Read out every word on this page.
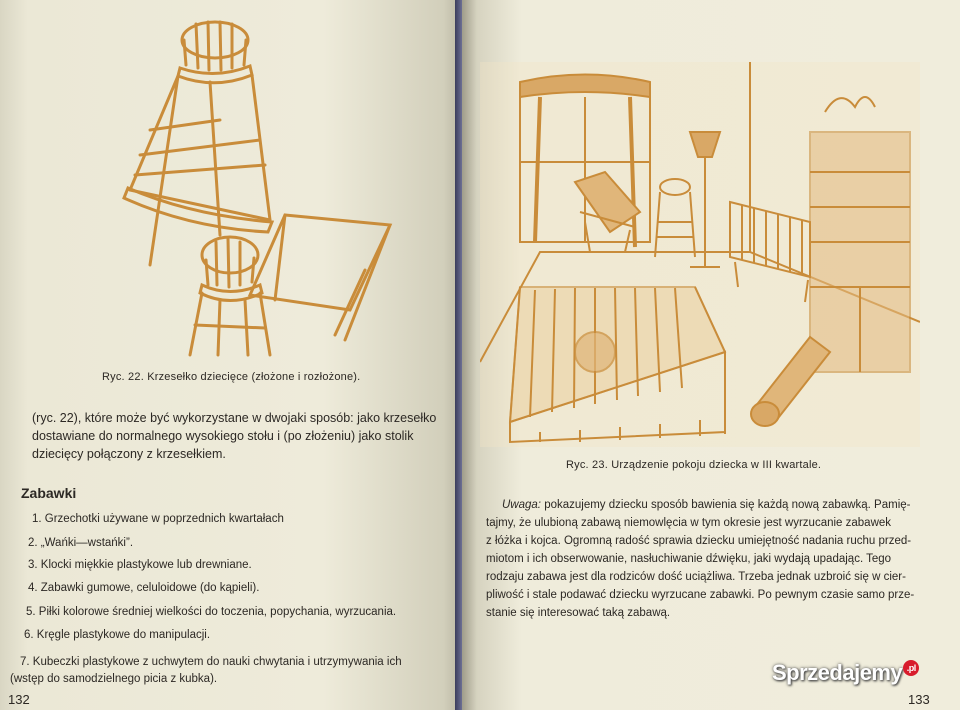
Ryc. 22. Krzesełko dziecięce (złożone i rozłożone).
(ryc. 22), które może być wykorzystane w dwojaki sposób: jako krzesełko
dostawiane do normalnego wysokiego stołu i (po złożeniu) jako stolik
dziecięcy połączony z krzesełkiem.
Zabawki
1. Grzechotki używane w poprzednich kwartałach
2. „Wańki—wstańki”.
3. Klocki miękkie plastykowe lub drewniane.
4. Zabawki gumowe, celuloidowe (do kąpieli).
5. Piłki kolorowe średniej wielkości do toczenia, popychania, wyrzucania.
6. Kręgle plastykowe do manipulacji.
7. Kubeczki plastykowe z uchwytem do nauki chwytania i utrzymywania ich
(wstęp do samodzielnego picia z kubka).
132
Ryc. 23. Urządzenie pokoju dziecka w III kwartale.
Uwaga: pokazujemy dziecku sposób bawienia się każdą nową zabawką. Pamię-
tajmy, że ulubioną zabawą niemowlęcia w tym okresie jest wyrzucanie zabawek
z łóżka i kojca. Ogromną radość sprawia dziecku umiejętność nadania ruchu przed-
miotom i ich obserwowanie, nasłuchiwanie dźwięku, jaki wydają upadając. Tego
rodzaju zabawa jest dla rodziców dość uciążliwa. Trzeba jednak uzbroić się w cier-
pliwość i stale podawać dziecku wyrzucane zabawki. Po pewnym czasie samo prze-
stanie się interesować taką zabawą.
133
Sprzedajemy .pl
